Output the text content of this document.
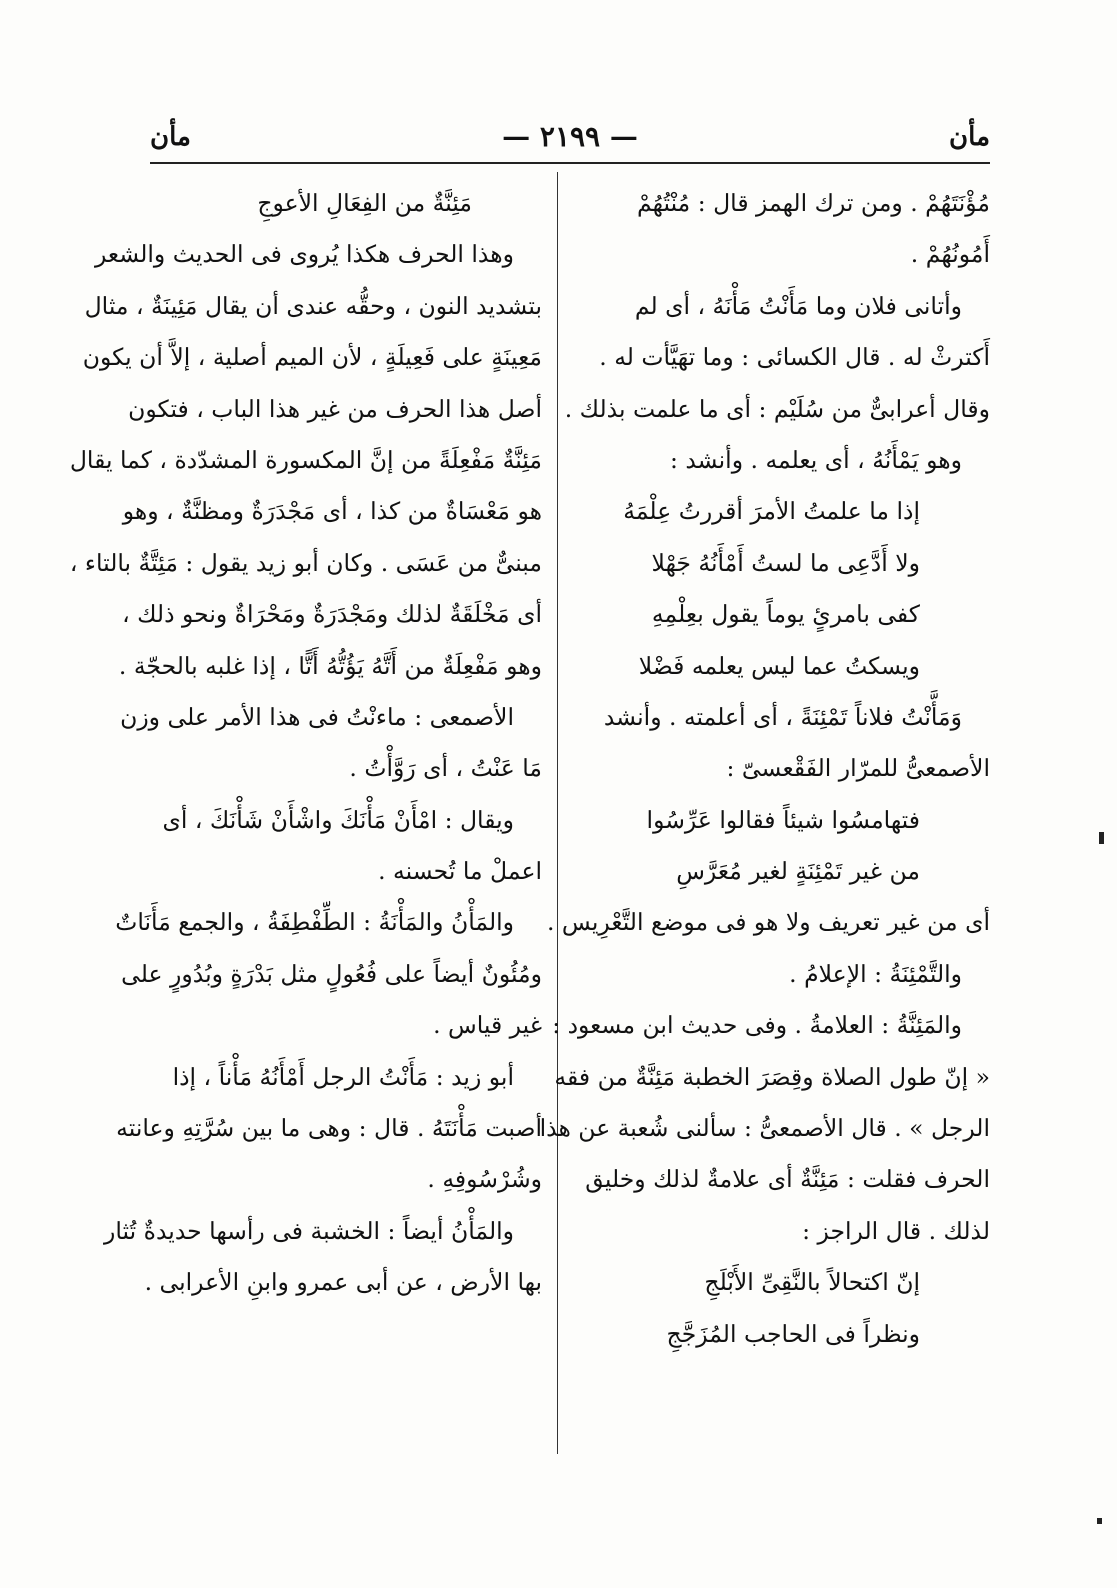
مأن
— ٢١٩٩ —
مأن
مُؤْنَتَهُمْ . ومن ترك الهمز قال : مُنْتُهُمْ
أَمُونُهُمْ .
وأتانى فلان وما مَأَنْتُ مَأْنَهُ ، أى لم
أَكترثْ له . قال الكسائى : وما تهَيَّأت له .
وقال أعرابىٌّ من سُلَيْم : أى ما علمت بذلك .
وهو يَمْأَنُهُ ، أى يعلمه . وأنشد :
إذا ما علمتُ الأمرَ أقررتُ عِلْمَهُ
ولا أَدَّعِى ما لستُ أَمْأَنُهُ جَهْلا
كفى بامرئٍ يوماً يقول بعِلْمِهِ
ويسكتُ عما ليس يعلمه فَضْلا
وَمَأَّنْتُ فلاناً تَمْئِنَةً ، أى أعلمته . وأنشد
الأصمعىُّ للمرّار الفَقْعسىّ :
فتهامسُوا شيئاً فقالوا عَرِّسُوا
من غير تَمْئِنَةٍ لغير مُعَرَّسِ
أى من غير تعريف ولا هو فى موضع التَّعْرِيس .
والتَّمْئِنَةُ : الإعلامُ .
والمَئِنَّةُ : العلامةُ . وفى حديث ابن مسعود :
« إنّ طول الصلاة وقِصَرَ الخطبة مَئِنَّةٌ من فقه
الرجل » . قال الأصمعىُّ : سألنى شُعبة عن هذا
الحرف فقلت : مَئِنَّةٌ أى علامةٌ لذلك وخليق
لذلك . قال الراجز :
إنّ اكتحالاً بالنَّقِىِّ الأَبْلَجِ
ونظراً فى الحاجب المُزَجَّجِ
مَئِنَّةٌ من الفِعَالِ الأعوجِ
وهذا الحرف هكذا يُروى فى الحديث والشعر
بتشديد النون ، وحقُّه عندى أن يقال مَئِينَةٌ ، مثال
مَعِينَةٍ على فَعِيلَةٍ ، لأن الميم أصلية ، إلاَّ أن يكون
أصل هذا الحرف من غير هذا الباب ، فتكون
مَئِنَّةٌ مَفْعِلَةً من إنَّ المكسورة المشدّدة ، كما يقال
هو مَعْسَاةٌ من كذا ، أى مَجْدَرَةٌ ومظنَّةٌ ، وهو
مبنىٌّ من عَسَى . وكان أبو زيد يقول : مَئِتَّةٌ بالتاء ،
أى مَخْلَقَةٌ لذلك ومَجْدَرَةٌ ومَحْرَاةٌ ونحو ذلك ،
وهو مَفْعِلَةٌ من أَتَّهُ يَؤُتُّهُ أَتًّا ، إذا غلبه بالحجّة .
الأصمعى : ماءنْتُ فى هذا الأمر على وزن
مَا عَنْتُ ، أى رَوَّأْتُ .
ويقال : امْأَنْ مَأْنَكَ واشْأَنْ شَأْنَكَ ، أى
اعملْ ما تُحسنه .
والمَأْنُ والمَأْنَةُ : الطِّفْطِفَةُ ، والجمع مَأَنَاتٌ
ومُئُونٌ أيضاً على فُعُولٍ مثل بَدْرَةٍ وبُدُورٍ على
غير قياس .
أبو زيد : مَأَنْتُ الرجل أَمْأَنُهُ مَأْناً ، إذا
أصبت مَأْنَتَهُ . قال : وهى ما بين سُرَّتِهِ وعانته
وشُرْسُوفِهِ .
والمَأْنُ أيضاً : الخشبة فى رأسها حديدةٌ تُثار
بها الأرض ، عن أبى عمرو وابنِ الأعرابى .
